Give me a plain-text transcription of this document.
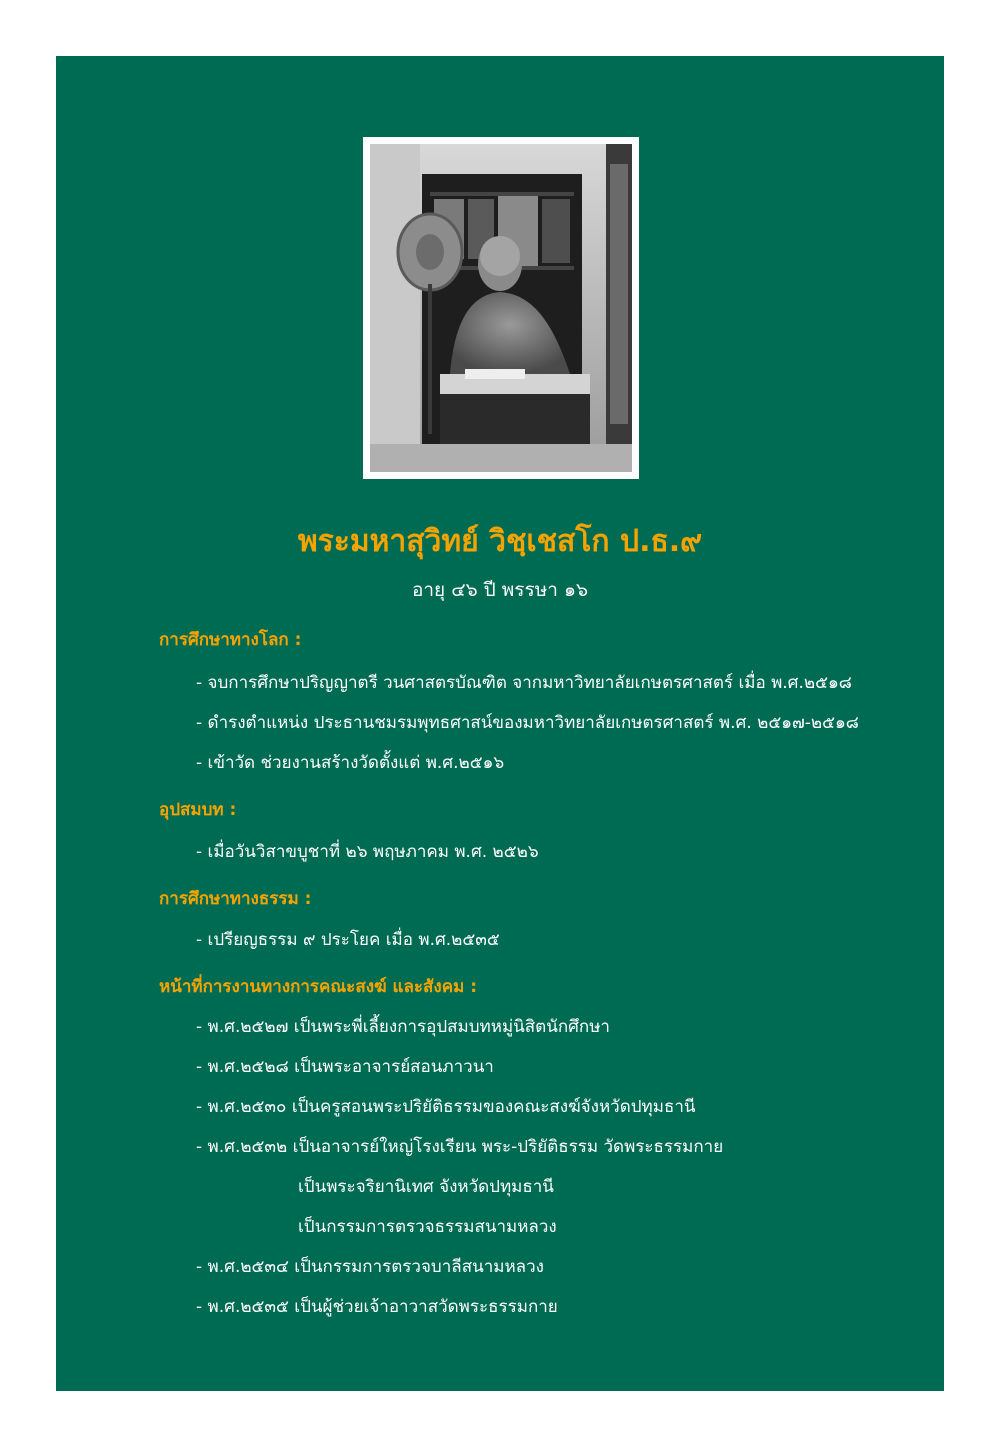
พระมหาสุวิทย์ วิชฺเชสโก ป.ธ.๙
อายุ ๔๖ ปี พรรษา ๑๖
การศึกษาทางโลก :
- จบการศึกษาปริญญาตรี วนศาสตรบัณฑิต จากมหาวิทยาลัยเกษตรศาสตร์ เมื่อ พ.ศ.๒๕๑๘
- ดำรงตำแหน่ง ประธานชมรมพุทธศาสน์ของมหาวิทยาลัยเกษตรศาสตร์ พ.ศ. ๒๕๑๗-๒๕๑๘
- เข้าวัด ช่วยงานสร้างวัดตั้งแต่ พ.ศ.๒๕๑๖
อุปสมบท :
- เมื่อวันวิสาขบูชาที่ ๒๖ พฤษภาคม พ.ศ. ๒๕๒๖
การศึกษาทางธรรม :
- เปรียญธรรม ๙ ประโยค เมื่อ พ.ศ.๒๕๓๕
หน้าที่การงานทางการคณะสงฆ์ และสังคม :
- พ.ศ.๒๕๒๗ เป็นพระพี่เลี้ยงการอุปสมบทหมู่นิสิตนักศึกษา
- พ.ศ.๒๕๒๘ เป็นพระอาจารย์สอนภาวนา
- พ.ศ.๒๕๓๐ เป็นครูสอนพระปริยัติธรรมของคณะสงฆ์จังหวัดปทุมธานี
- พ.ศ.๒๕๓๒ เป็นอาจารย์ใหญ่โรงเรียน พระ-ปริยัติธรรม วัดพระธรรมกาย
เป็นพระจริยานิเทศ จังหวัดปทุมธานี
เป็นกรรมการตรวจธรรมสนามหลวง
- พ.ศ.๒๕๓๔ เป็นกรรมการตรวจบาลีสนามหลวง
- พ.ศ.๒๕๓๕ เป็นผู้ช่วยเจ้าอาวาสวัดพระธรรมกาย
